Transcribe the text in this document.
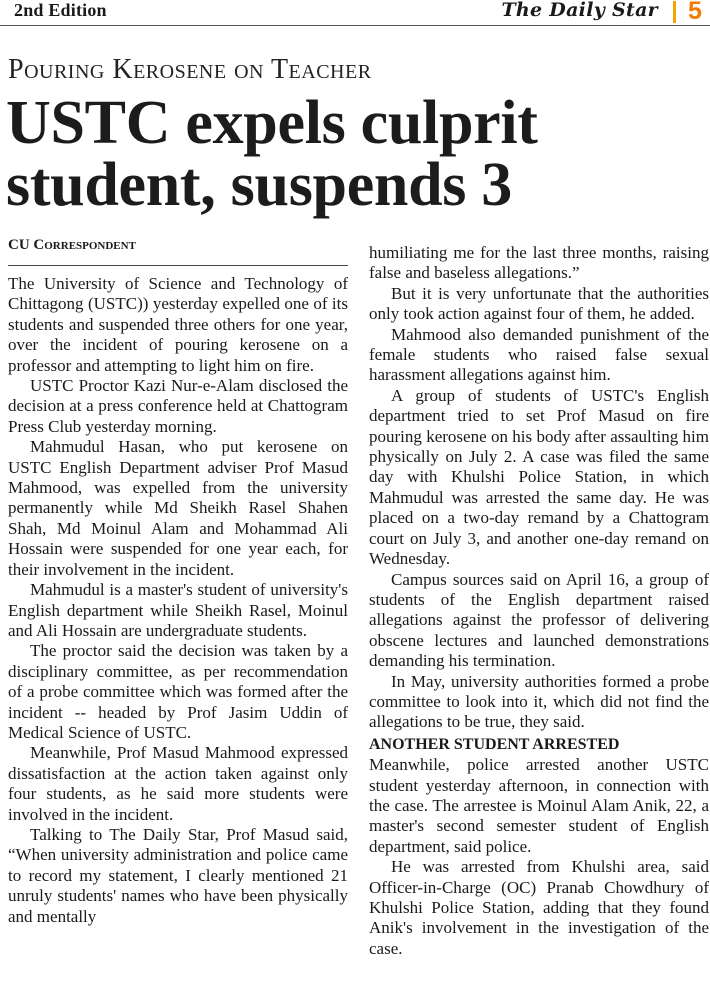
2nd Edition	The Daily Star 5
Pouring Kerosene on Teacher
USTC expels culprit
student, suspends 3
CU Correspondent

The University of Science and Technology of Chittagong (USTC)) yesterday expelled one of its students and suspended three others for one year, over the incident of pouring kerosene on a professor and attempting to light him on fire.

USTC Proctor Kazi Nur-e-Alam disclosed the decision at a press conference held at Chattogram Press Club yesterday morning.

Mahmudul Hasan, who put kerosene on USTC English Department adviser Prof Masud Mahmood, was expelled from the university permanently while Md Sheikh Rasel Shahen Shah, Md Moinul Alam and Mohammad Ali Hossain were suspended for one year each, for their involvement in the incident.

Mahmudul is a master's student of university's English department while Sheikh Rasel, Moinul and Ali Hossain are undergraduate students.

The proctor said the decision was taken by a disciplinary committee, as per recommendation of a probe committee which was formed after the incident -- headed by Prof Jasim Uddin of Medical Science of USTC.

Meanwhile, Prof Masud Mahmood expressed dissatisfaction at the action taken against only four students, as he said more students were involved in the incident.

Talking to The Daily Star, Prof Masud said, “When university administration and police came to record my statement, I clearly mentioned 21 unruly students' names who have been physically and mentally

humiliating me for the last three months, raising false and baseless allegations.”

But it is very unfortunate that the authorities only took action against four of them, he added.

Mahmood also demanded punishment of the female students who raised false sexual harassment allegations against him.

A group of students of USTC's English department tried to set Prof Masud on fire pouring kerosene on his body after assaulting him physically on July 2. A case was filed the same day with Khulshi Police Station, in which Mahmudul was arrested the same day. He was placed on a two-day remand by a Chattogram court on July 3, and another one-day remand on Wednesday.

Campus sources said on April 16, a group of students of the English department raised allegations against the professor of delivering obscene lectures and launched demonstrations demanding his termination.

In May, university authorities formed a probe committee to look into it, which did not find the allegations to be true, they said.

ANOTHER STUDENT ARRESTED

Meanwhile, police arrested another USTC student yesterday afternoon, in connection with the case. The arrestee is Moinul Alam Anik, 22, a master's second semester student of English department, said police.

He was arrested from Khulshi area, said Officer-in-Charge (OC) Pranab Chowdhury of Khulshi Police Station, adding that they found Anik's involvement in the investigation of the case.
